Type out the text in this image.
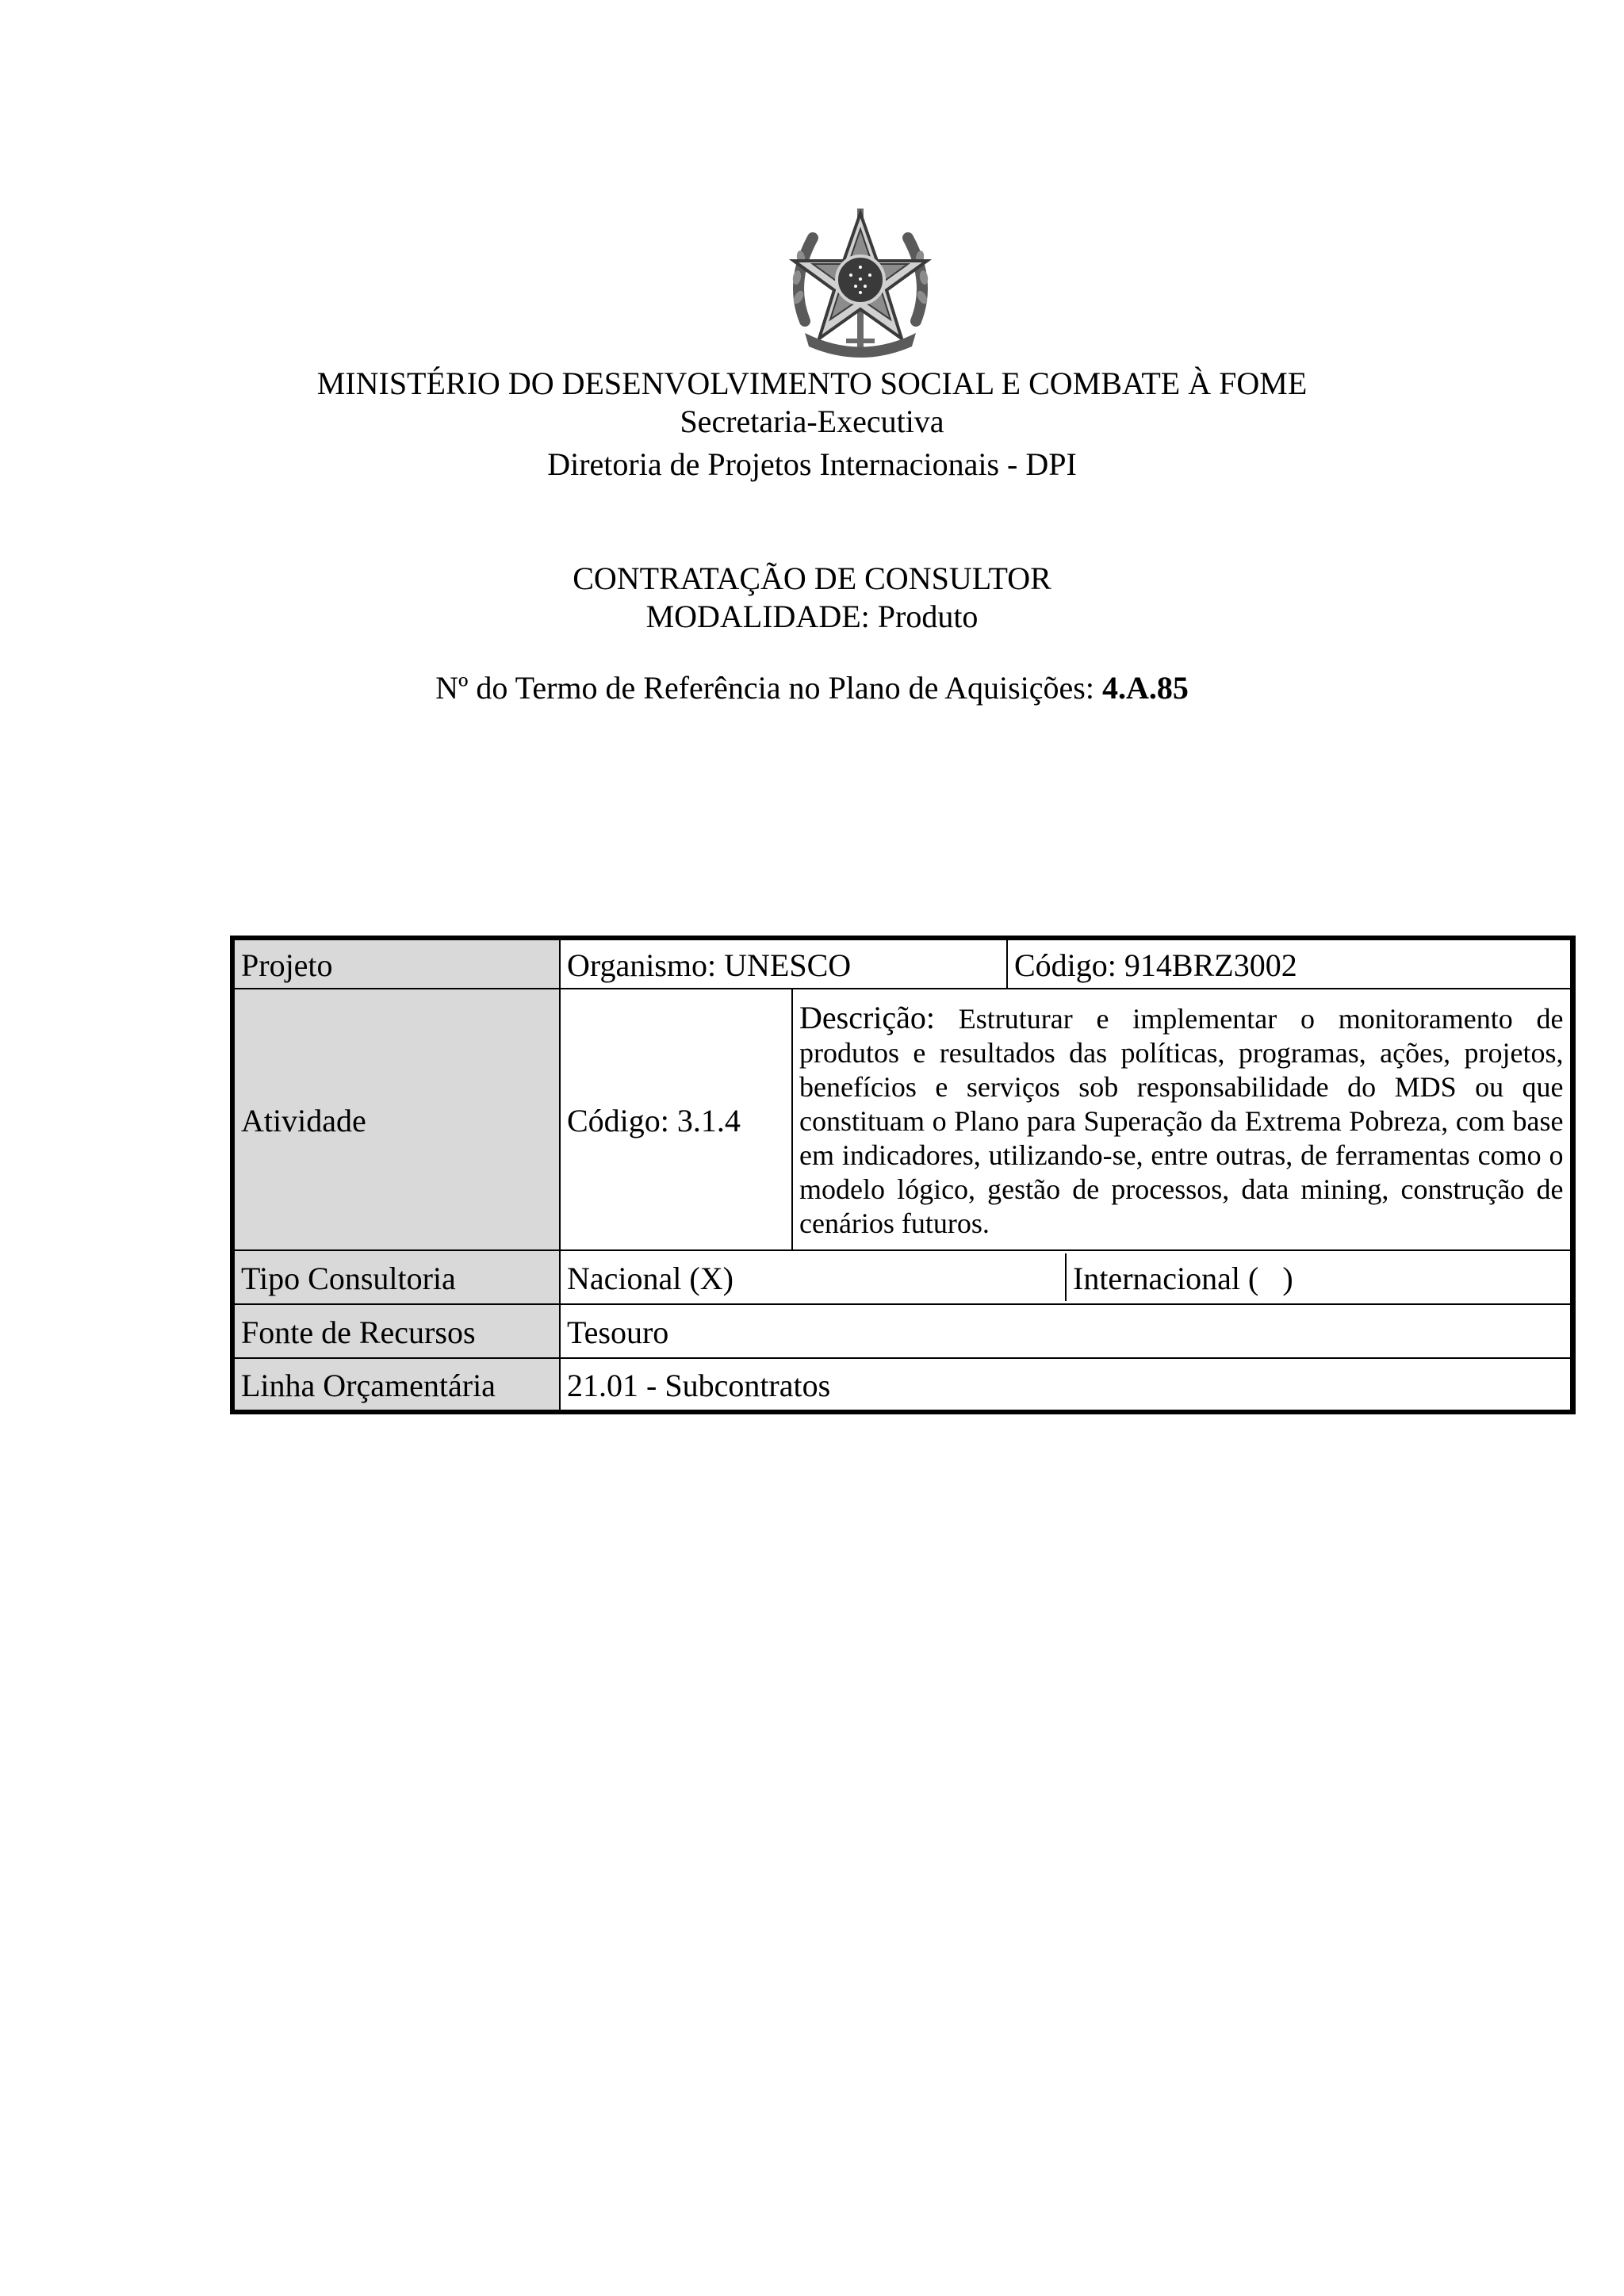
MINISTÉRIO DO DESENVOLVIMENTO SOCIAL E COMBATE À FOME
Secretaria-Executiva
Diretoria de Projetos Internacionais - DPI
CONTRATAÇÃO DE CONSULTOR
MODALIDADE: Produto
Nº do Termo de Referência no Plano de Aquisições: 4.A.85
Projeto		Organismo: UNESCO	Código: 914BRZ3002

Atividade	Código: 3.1.4	Descrição: Estruturar e implementar o monitoramento de produtos e resultados das políticas, programas, ações, projetos, benefícios e serviços sob responsabilidade do MDS ou que constituam o Plano para Superação da Extrema Pobreza, com base em indicadores, utilizando-se, entre outras, de ferramentas como o modelo lógico, gestão de processos, data mining, construção de cenários futuros.
Tipo Consultoria		Nacional (X)	Internacional (   )

Fonte de Recursos	Tesouro
Linha Orçamentária	21.01 - Subcontratos
